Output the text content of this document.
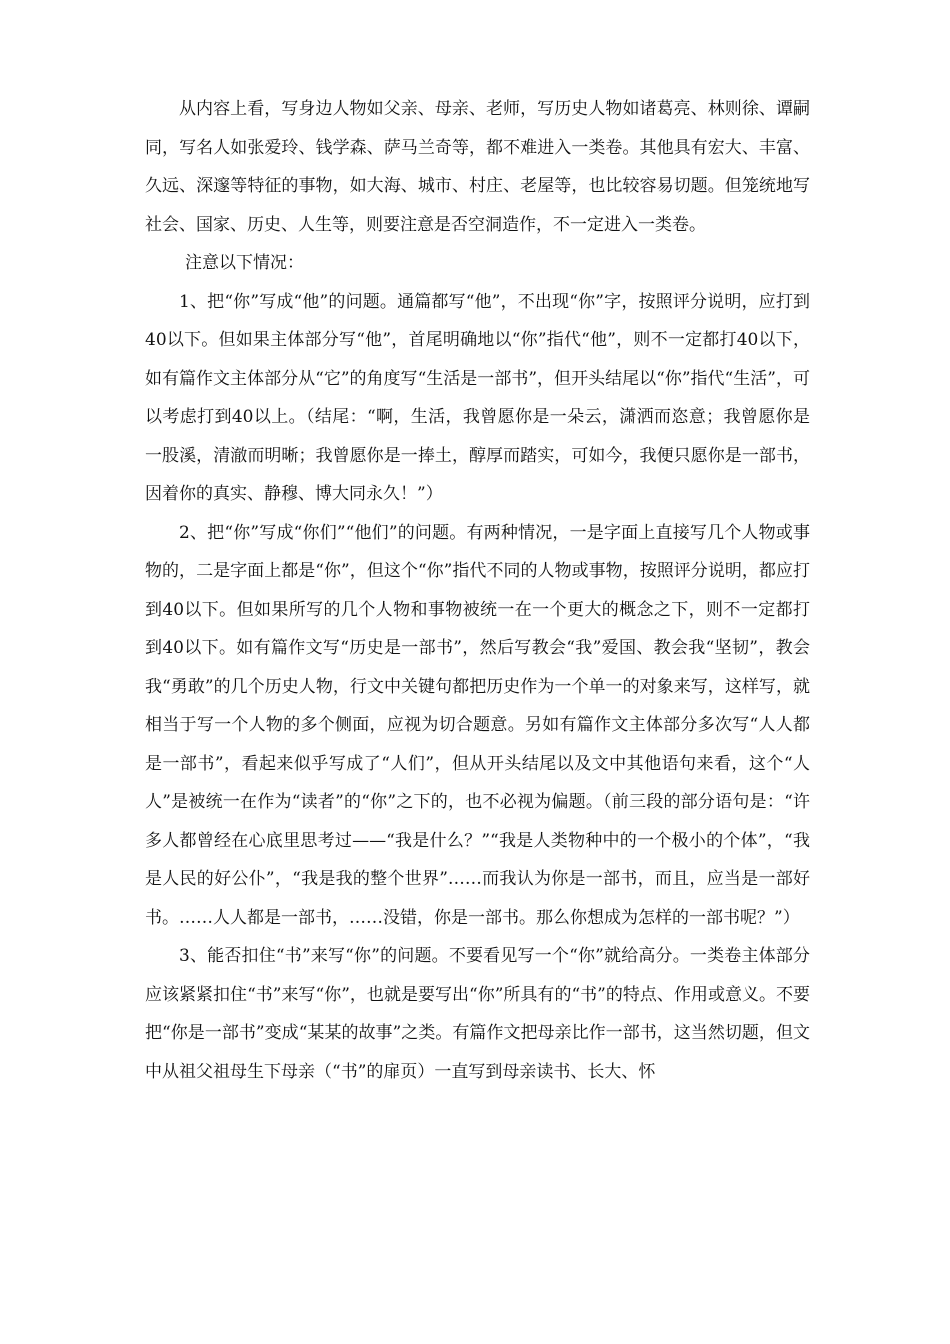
从内容上看，写身边人物如父亲、母亲、老师，写历史人物如诸葛亮、林则徐、谭嗣同，写名人如张爱玲、钱学森、萨马兰奇等，都不难进入一类卷。其他具有宏大、丰富、久远、深邃等特征的事物，如大海、城市、村庄、老屋等，也比较容易切题。但笼统地写社会、国家、历史、人生等，则要注意是否空洞造作，不一定进入一类卷。

注意以下情况：

1、把“你”写成“他”的问题。通篇都写“他”，不出现“你”字，按照评分说明，应打到40以下。但如果主体部分写“他”，首尾明确地以“你”指代“他”，则不一定都打40以下，如有篇作文主体部分从“它”的角度写“生活是一部书”，但开头结尾以“你”指代“生活”，可以考虑打到40以上。（结尾：“啊，生活，我曾愿你是一朵云，潇洒而恣意；我曾愿你是一股溪，清澈而明晰；我曾愿你是一捧土，醇厚而踏实，可如今，我便只愿你是一部书，因着你的真实、静穆、博大同永久！”）

2、把“你”写成“你们”“他们”的问题。有两种情况，一是字面上直接写几个人物或事物的，二是字面上都是“你”，但这个“你”指代不同的人物或事物，按照评分说明，都应打到40以下。但如果所写的几个人物和事物被统一在一个更大的概念之下，则不一定都打到40以下。如有篇作文写“历史是一部书”，然后写教会“我”爱国、教会我“坚韧”，教会我“勇敢”的几个历史人物，行文中关键句都把历史作为一个单一的对象来写，这样写，就相当于写一个人物的多个侧面，应视为切合题意。另如有篇作文主体部分多次写“人人都是一部书”，看起来似乎写成了“人们”，但从开头结尾以及文中其他语句来看，这个“人人”是被统一在作为“读者”的“你”之下的，也不必视为偏题。（前三段的部分语句是：“许多人都曾经在心底里思考过——“我是什么？”“我是人类物种中的一个极小的个体”，“我是人民的好公仆”，“我是我的整个世界”……而我认为你是一部书，而且，应当是一部好书。……人人都是一部书，……没错，你是一部书。那么你想成为怎样的一部书呢？”）

3、能否扣住“书”来写“你”的问题。不要看见写一个“你”就给高分。一类卷主体部分应该紧紧扣住“书”来写“你”，也就是要写出“你”所具有的“书”的特点、作用或意义。不要把“你是一部书”变成“某某的故事”之类。有篇作文把母亲比作一部书，这当然切题，但文中从祖父祖母生下母亲（“书”的扉页）一直写到母亲读书、长大、怀
